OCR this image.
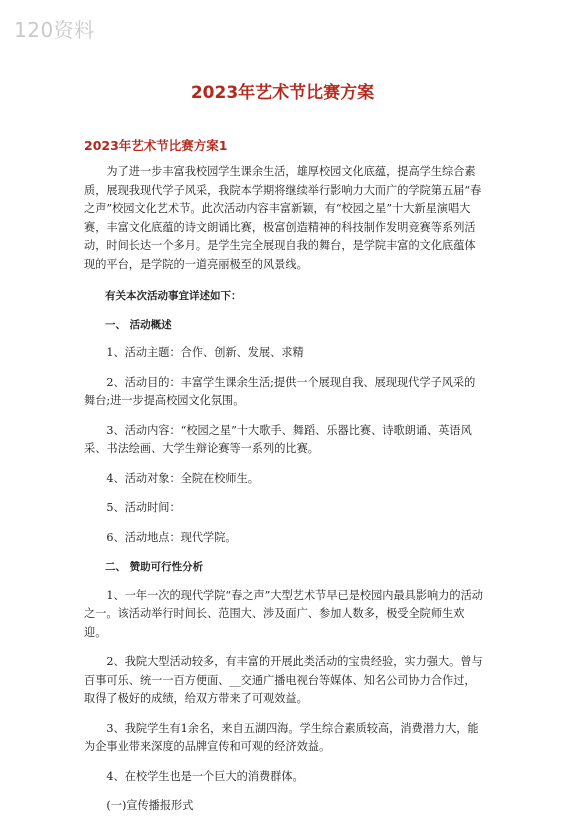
120资料
2023年艺术节比赛方案
2023年艺术节比赛方案1

为了进一步丰富我校园学生课余生活，雄厚校园文化底蕴，提高学生综合素质，展现我现代学子风采，我院本学期将继续举行影响力大而广的学院第五届“春之声”校园文化艺术节。此次活动内容丰富新颖，有“校园之星”十大新星演唱大赛，丰富文化底蕴的诗文朗诵比赛，极富创造精神的科技制作发明竞赛等系列活动，时间长达一个多月。是学生完全展现自我的舞台，是学院丰富的文化底蕴体现的平台，是学院的一道亮丽极至的风景线。

有关本次活动事宜详述如下：

一、 活动概述

1、活动主题：合作、创新、发展、求精

2、活动目的：丰富学生课余生活;提供一个展现自我、展现现代学子风采的舞台;进一步提高校园文化氛围。

3、活动内容：“校园之星”十大歌手、舞蹈、乐器比赛、诗歌朗诵、英语风采、书法绘画、大学生辩论赛等一系列的比赛。

4、活动对象：全院在校师生。

5、活动时间：

6、活动地点：现代学院。

二、 赞助可行性分析

1、一年一次的现代学院“春之声”大型艺术节早已是校园内最具影响力的活动之一。该活动举行时间长、范围大、涉及面广、参加人数多，极受全院师生欢迎。

2、我院大型活动较多，有丰富的开展此类活动的宝贵经验，实力强大。曾与百事可乐、统一一百方便面、__交通广播电视台等媒体、知名公司协力合作过，取得了极好的成绩，给双方带来了可观效益。

3、我院学生有1余名，来自五湖四海。学生综合素质较高，消费潜力大，能为企事业带来深度的品牌宣传和可观的经济效益。

4、在校学生也是一个巨大的消费群体。

(一)宣传播报形式
